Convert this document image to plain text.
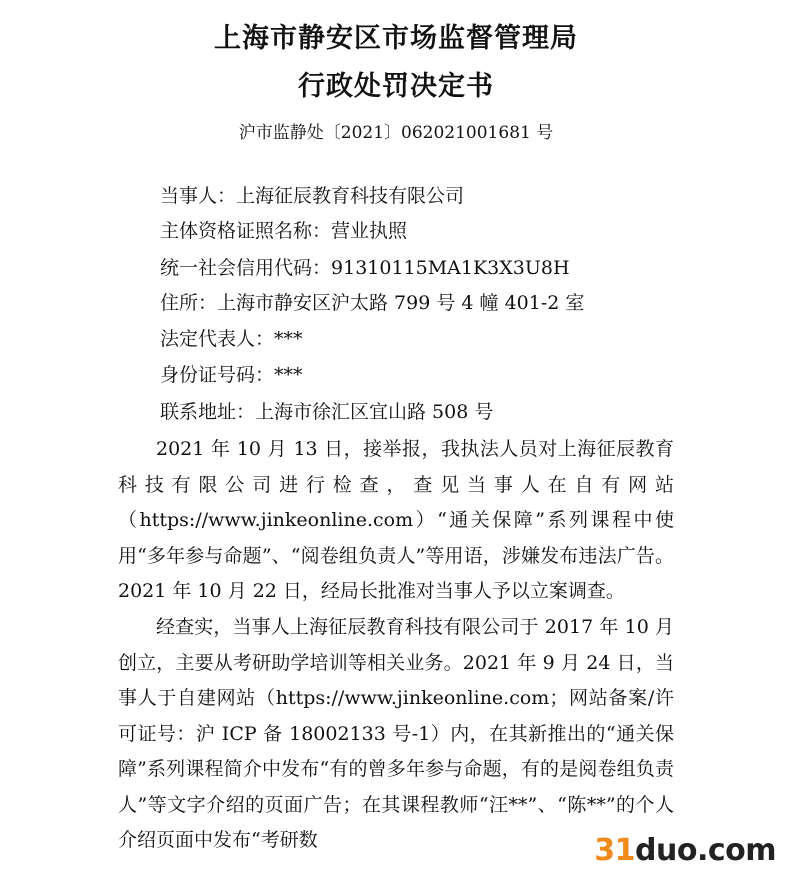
上海市静安区市场监督管理局
行政处罚决定书
沪市监静处〔2021〕062021001681 号
当事人：上海征辰教育科技有限公司
主体资格证照名称：营业执照
统一社会信用代码：91310115MA1K3X3U8H
住所：上海市静安区沪太路 799 号 4 幢 401-2 室
法定代表人：***
身份证号码：***
联系地址：上海市徐汇区宜山路 508 号
2021 年 10 月 13 日，接举报，我执法人员对上海征辰教育科技有限公司进行检查，查见当事人在自有网站（https://www.jinkeonline.com）“通关保障”系列课程中使用“多年参与命题”、“阅卷组负责人”等用语，涉嫌发布违法广告。2021 年 10 月 22 日，经局长批准对当事人予以立案调查。
经查实，当事人上海征辰教育科技有限公司于 2017 年 10 月创立，主要从考研助学培训等相关业务。2021 年 9 月 24 日，当事人于自建网站（https://www.jinkeonline.com；网站备案/许可证号：沪 ICP 备 18002133 号-1）内，在其新推出的“通关保障”系列课程简介中发布“有的曾多年参与命题，有的是阅卷组负责人”等文字介绍的页面广告；在其课程教师“汪**”、“陈**”的个人介绍页面中发布“考研数	31duo.com
